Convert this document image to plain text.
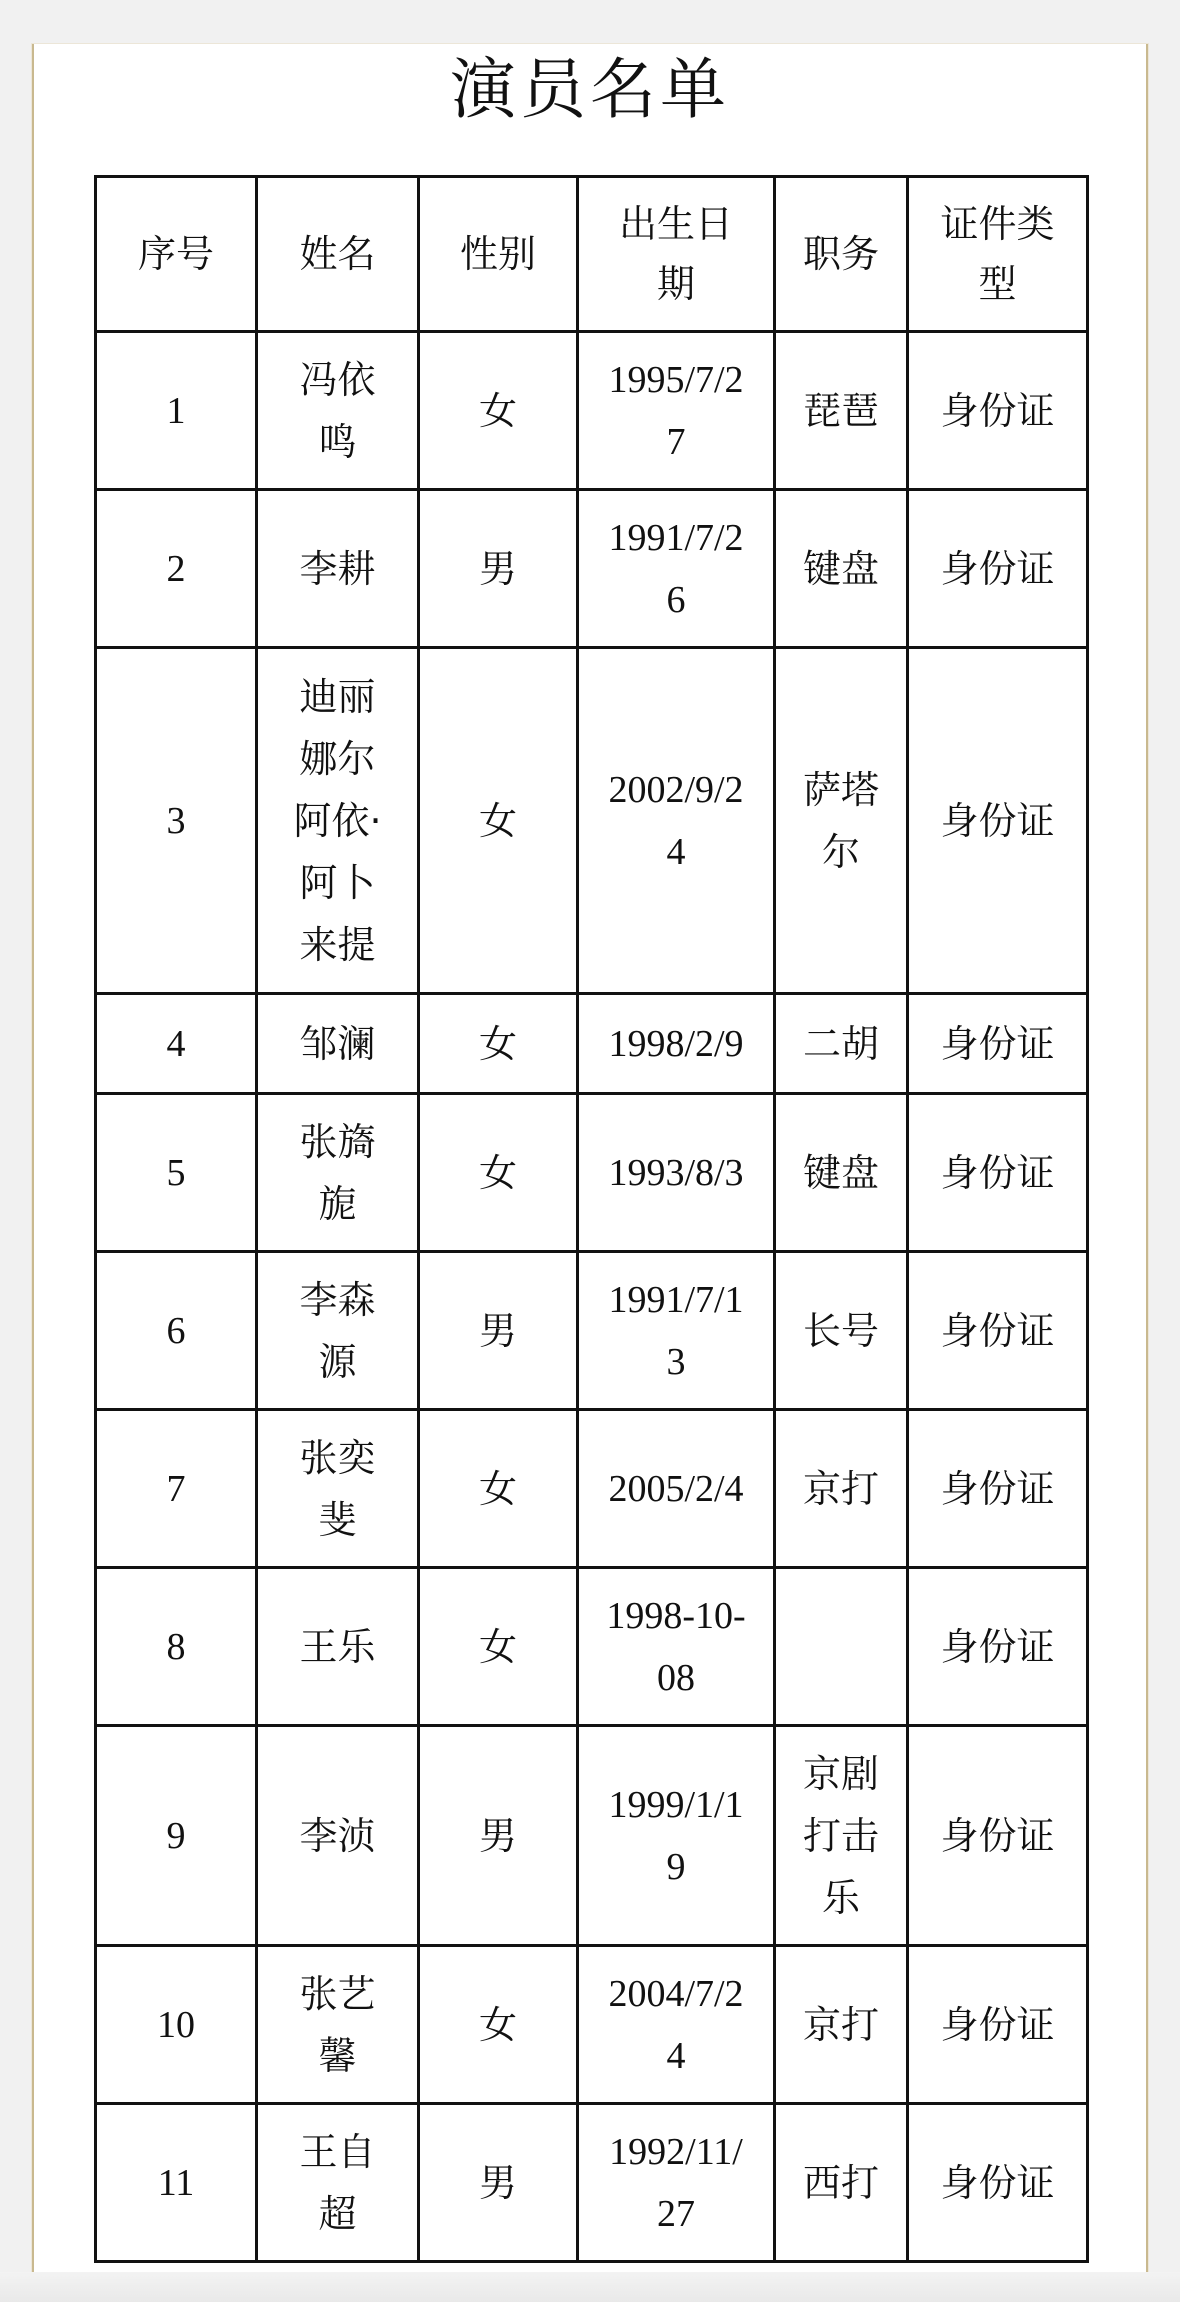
演员名单
序号	姓名	性别	出生日期	职务	证件类型
1	冯依鸣	女	1995/7/27	琵琶	身份证
2	李耕	男	1991/7/26	键盘	身份证
3	迪丽娜尔阿依·阿卜来提	女	2002/9/24	萨塔尔	身份证
4	邹澜	女	1998/2/9	二胡	身份证
5	张旖旎	女	1993/8/3	键盘	身份证
6	李森源	男	1991/7/13	长号	身份证
7	张奕斐	女	2005/2/4	京打	身份证
8	王乐	女	1998-10-08		身份证
9	李浈	男	1999/1/19	京剧打击乐	身份证
10	张艺馨	女	2004/7/24	京打	身份证
11	王自超	男	1992/11/27	西打	身份证
